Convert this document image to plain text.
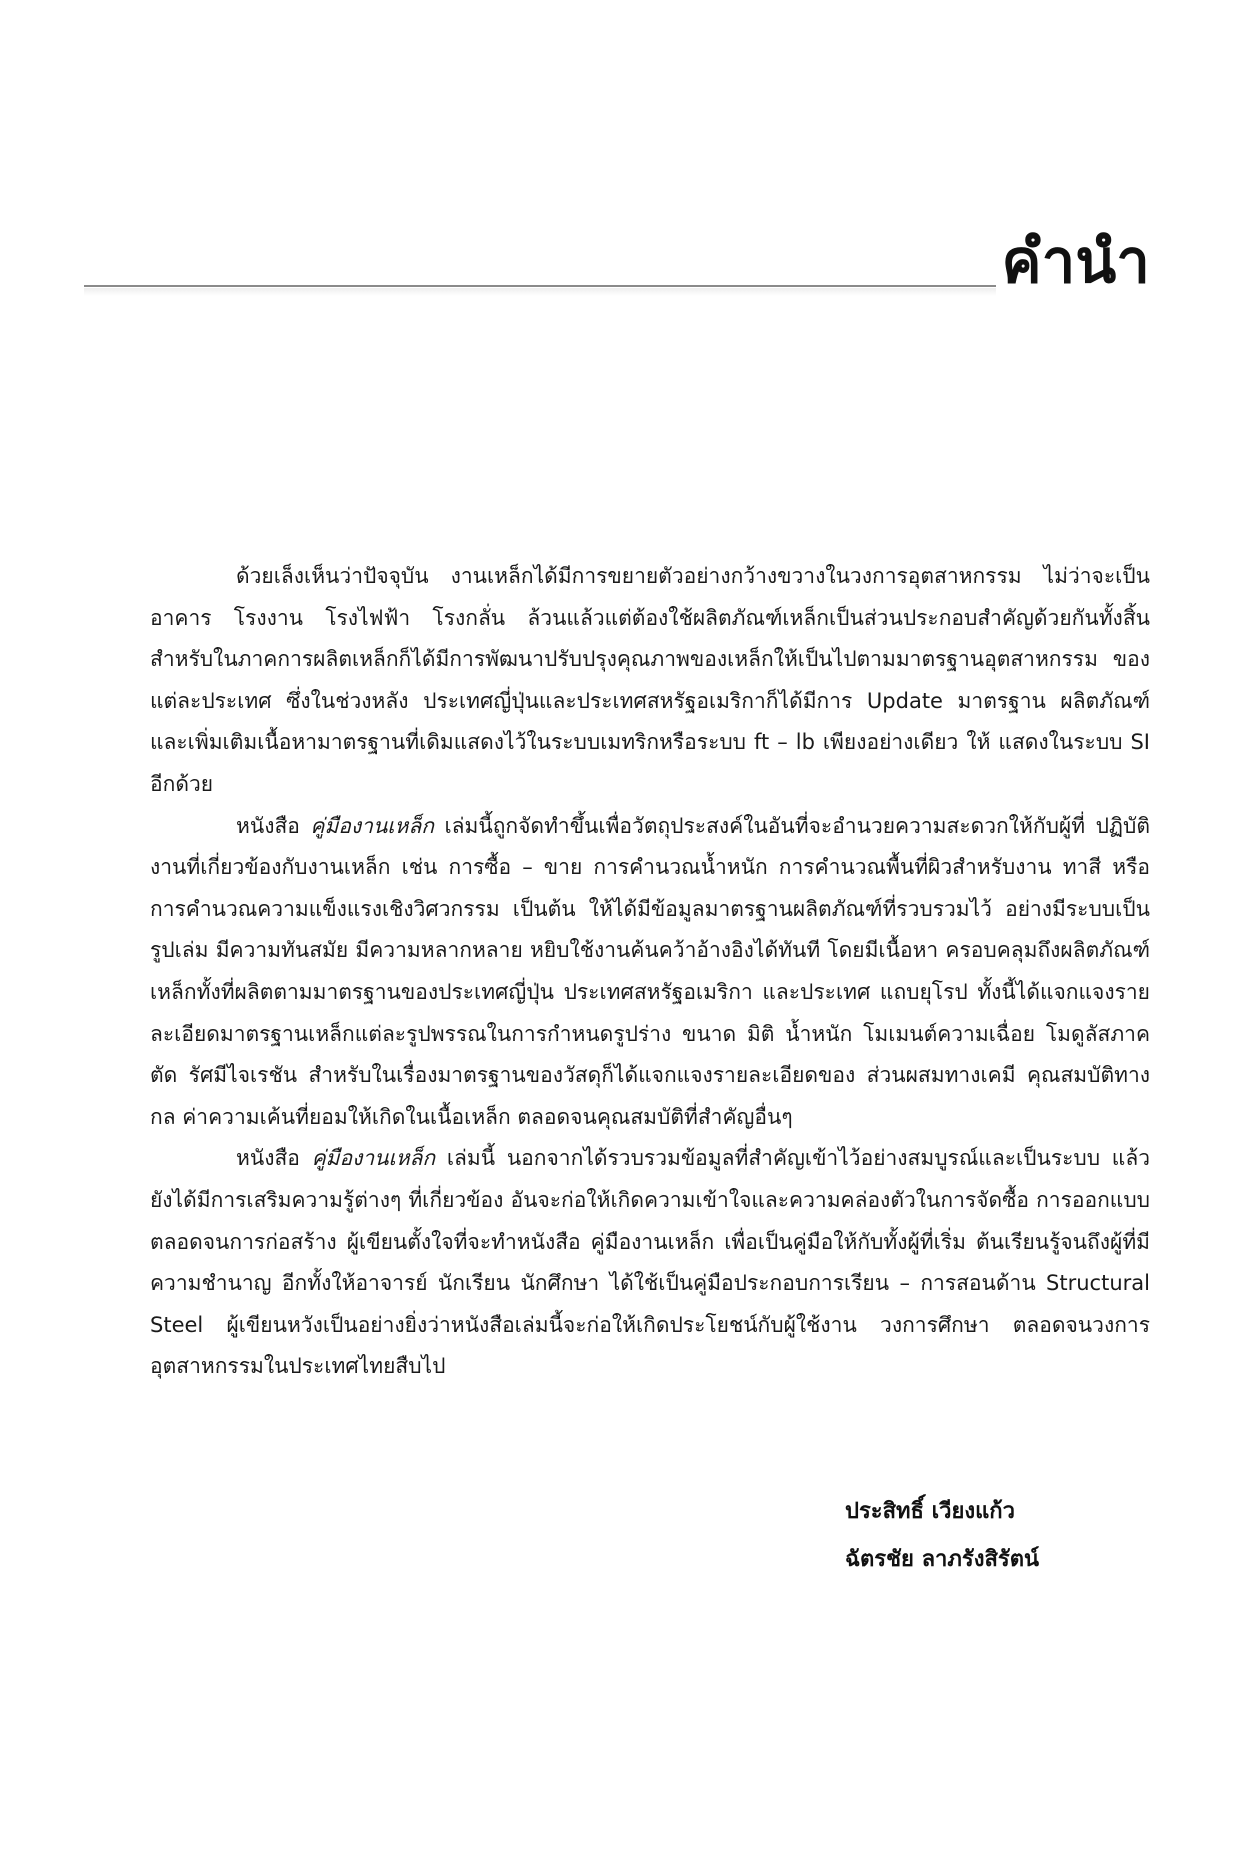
คำนำ

ด้วยเล็งเห็นว่าปัจจุบัน งานเหล็กได้มีการขยายตัวอย่างกว้างขวางในวงการอุตสาหกรรม ไม่ว่าจะเป็น อาคาร โรงงาน โรงไฟฟ้า โรงกลั่น ล้วนแล้วแต่ต้องใช้ผลิตภัณฑ์เหล็กเป็นส่วนประกอบสำคัญด้วยกันทั้งสิ้น สำหรับในภาคการผลิตเหล็กก็ได้มีการพัฒนาปรับปรุงคุณภาพของเหล็กให้เป็นไปตามมาตรฐานอุตสาหกรรม ของแต่ละประเทศ ซึ่งในช่วงหลัง ประเทศญี่ปุ่นและประเทศสหรัฐอเมริกาก็ได้มีการ Update มาตรฐาน ผลิตภัณฑ์ และเพิ่มเติมเนื้อหามาตรฐานที่เดิมแสดงไว้ในระบบเมทริกหรือระบบ ft – lb เพียงอย่างเดียว ให้ แสดงในระบบ SI อีกด้วย

หนังสือ คู่มืองานเหล็ก เล่มนี้ถูกจัดทำขึ้นเพื่อวัตถุประสงค์ในอันที่จะอำนวยความสะดวกให้กับผู้ที่ ปฏิบัติงานที่เกี่ยวข้องกับงานเหล็ก เช่น การซื้อ – ขาย การคำนวณน้ำหนัก การคำนวณพื้นที่ผิวสำหรับงาน ทาสี หรือการคำนวณความแข็งแรงเชิงวิศวกรรม เป็นต้น ให้ได้มีข้อมูลมาตรฐานผลิตภัณฑ์ที่รวบรวมไว้ อย่างมีระบบเป็นรูปเล่ม มีความทันสมัย มีความหลากหลาย หยิบใช้งานค้นคว้าอ้างอิงได้ทันที โดยมีเนื้อหา ครอบคลุมถึงผลิตภัณฑ์เหล็กทั้งที่ผลิตตามมาตรฐานของประเทศญี่ปุ่น ประเทศสหรัฐอเมริกา และประเทศ แถบยุโรป ทั้งนี้ได้แจกแจงรายละเอียดมาตรฐานเหล็กแต่ละรูปพรรณในการกำหนดรูปร่าง ขนาด มิติ น้ำหนัก โมเมนต์ความเฉื่อย โมดูลัสภาคตัด รัศมีไจเรชัน สำหรับในเรื่องมาตรฐานของวัสดุก็ได้แจกแจงรายละเอียดของ ส่วนผสมทางเคมี คุณสมบัติทางกล ค่าความเค้นที่ยอมให้เกิดในเนื้อเหล็ก ตลอดจนคุณสมบัติที่สำคัญอื่นๆ

หนังสือ คู่มืองานเหล็ก เล่มนี้ นอกจากได้รวบรวมข้อมูลที่สำคัญเข้าไว้อย่างสมบูรณ์และเป็นระบบ แล้ว ยังได้มีการเสริมความรู้ต่างๆ ที่เกี่ยวข้อง อันจะก่อให้เกิดความเข้าใจและความคล่องตัวในการจัดซื้อ การออกแบบ ตลอดจนการก่อสร้าง ผู้เขียนตั้งใจที่จะทำหนังสือ คู่มืองานเหล็ก เพื่อเป็นคู่มือให้กับทั้งผู้ที่เริ่ม ต้นเรียนรู้จนถึงผู้ที่มีความชำนาญ อีกทั้งให้อาจารย์ นักเรียน นักศึกษา ได้ใช้เป็นคู่มือประกอบการเรียน – การสอนด้าน Structural Steel ผู้เขียนหวังเป็นอย่างยิ่งว่าหนังสือเล่มนี้จะก่อให้เกิดประโยชน์กับผู้ใช้งาน วงการศึกษา ตลอดจนวงการอุตสาหกรรมในประเทศไทยสืบไป

ประสิทธิ์ เวียงแก้ว
ฉัตรชัย ลาภรังสิรัตน์
